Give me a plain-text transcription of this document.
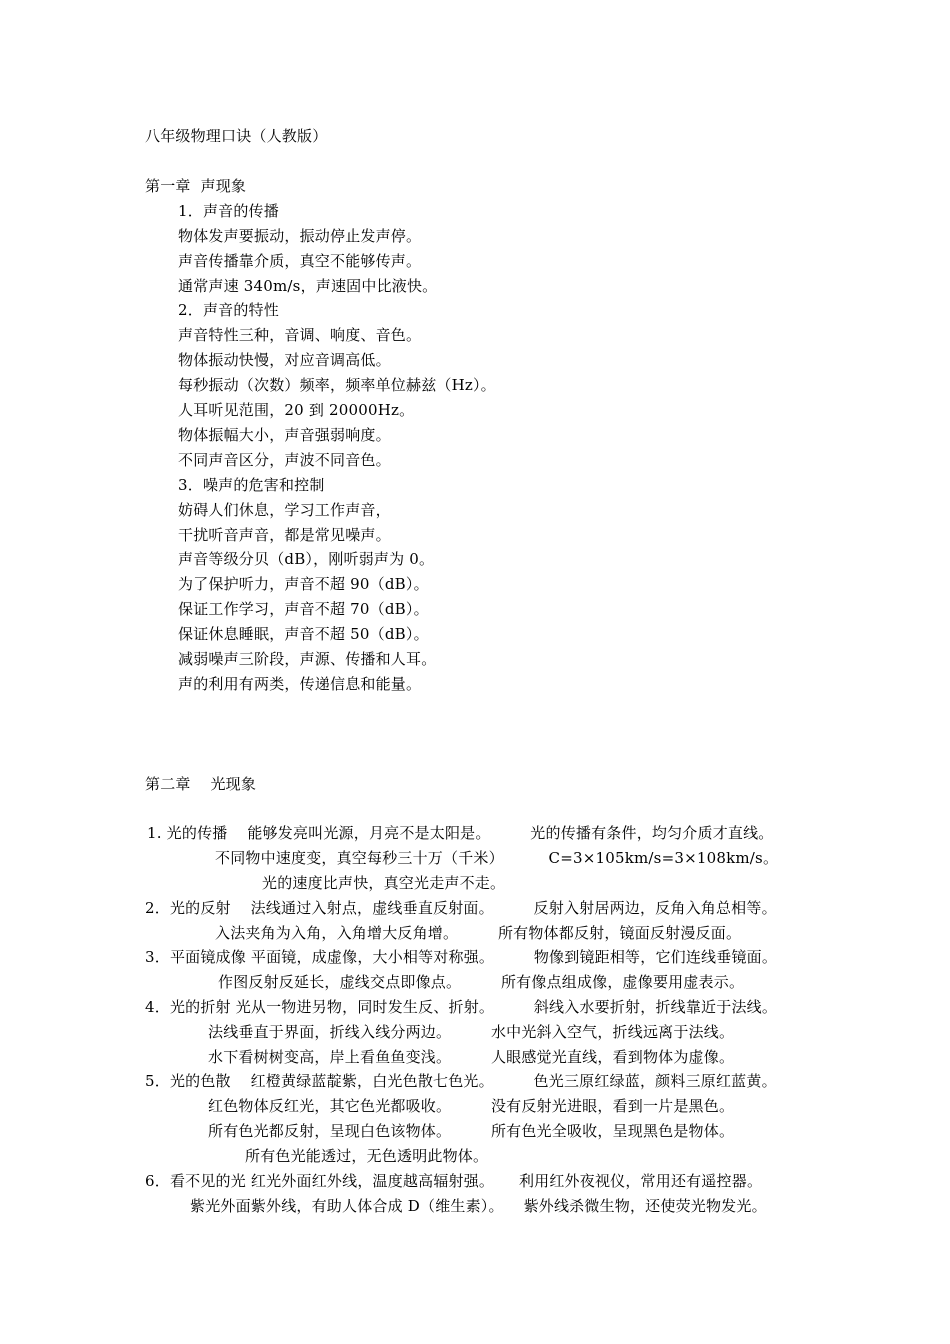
八年级物理口诀（人教版）
第一章  声现象
1．声音的传播
物体发声要振动，振动停止发声停。
声音传播靠介质，真空不能够传声。
通常声速 340m/s，声速固中比液快。
2．声音的特性
声音特性三种，音调、响度、音色。
物体振动快慢，对应音调高低。
每秒振动（次数）频率，频率单位赫兹（Hz）。
人耳听见范围，20 到 20000Hz。
物体振幅大小，声音强弱响度。
不同声音区分，声波不同音色。
3．噪声的危害和控制
妨碍人们休息，学习工作声音，
干扰听音声音，都是常见噪声。
声音等级分贝（dB），刚听弱声为 0。
为了保护听力，声音不超 90（dB）。
保证工作学习，声音不超 70（dB）。
保证休息睡眠，声音不超 50（dB）。
减弱噪声三阶段，声源、传播和人耳。
声的利用有两类，传递信息和能量。
第二章    光现象
1. 光的传播    能够发亮叫光源，月亮不是太阳是。        光的传播有条件，均匀介质才直线。
不同物中速度变，真空每秒三十万（千米）         C=3×105km/s=3×108km/s。
光的速度比声快，真空光走声不走。
2．光的反射    法线通过入射点，虚线垂直反射面。        反射入射居两边，反角入角总相等。
入法夹角为入角，入角增大反角增。        所有物体都反射，镜面反射漫反面。
3．平面镜成像 平面镜，成虚像，大小相等对称强。        物像到镜距相等，它们连线垂镜面。
作图反射反延长，虚线交点即像点。        所有像点组成像，虚像要用虚表示。
4．光的折射 光从一物进另物，同时发生反、折射。        斜线入水要折射，折线靠近于法线。
法线垂直于界面，折线入线分两边。        水中光斜入空气，折线远离于法线。
水下看树树变高，岸上看鱼鱼变浅。        人眼感觉光直线，看到物体为虚像。
5．光的色散    红橙黄绿蓝靛紫，白光色散七色光。        色光三原红绿蓝，颜料三原红蓝黄。
红色物体反红光，其它色光都吸收。        没有反射光进眼，看到一片是黑色。
所有色光都反射，呈现白色该物体。        所有色光全吸收，呈现黑色是物体。
所有色光能透过，无色透明此物体。
6．看不见的光 红光外面红外线，温度越高辐射强。     利用红外夜视仪，常用还有遥控器。
紫光外面紫外线，有助人体合成 D（维生素）。    紫外线杀微生物，还使荧光物发光。
